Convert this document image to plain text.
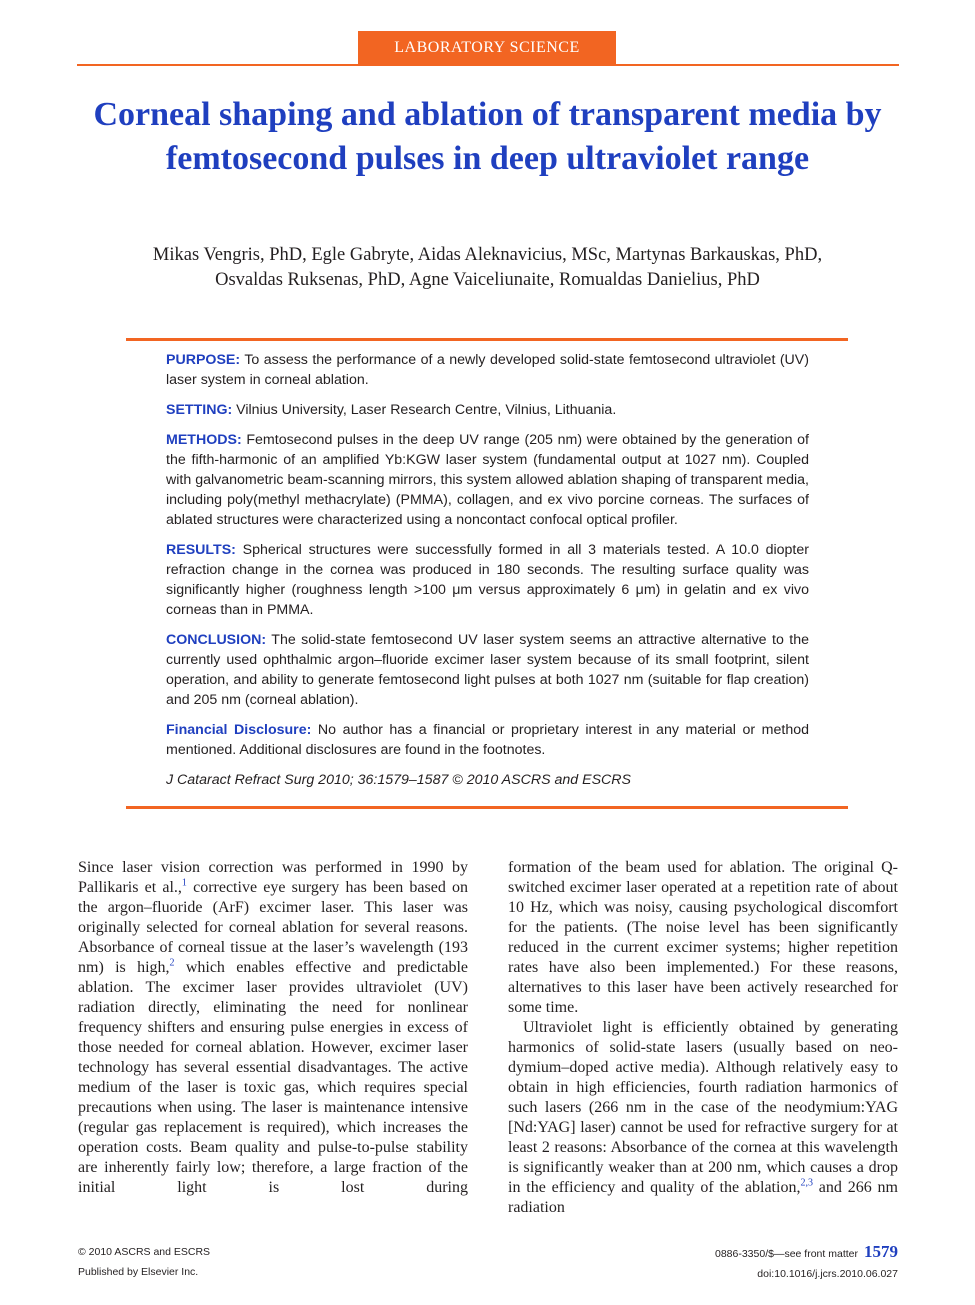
LABORATORY SCIENCE
Corneal shaping and ablation of transparent media by femtosecond pulses in deep ultraviolet range
Mikas Vengris, PhD, Egle Gabryte, Aidas Aleknavicius, MSc, Martynas Barkauskas, PhD,
Osvaldas Ruksenas, PhD, Agne Vaiceliunaite, Romualdas Danielius, PhD

PURPOSE: To assess the performance of a newly developed solid-state femtosecond ultraviolet (UV) laser system in corneal ablation.

SETTING: Vilnius University, Laser Research Centre, Vilnius, Lithuania.

METHODS: Femtosecond pulses in the deep UV range (205 nm) were obtained by the generation of the fifth-harmonic of an amplified Yb:KGW laser system (fundamental output at 1027 nm). Coupled with galvanometric beam-scanning mirrors, this system allowed ablation shaping of transparent media, including poly(methyl methacrylate) (PMMA), collagen, and ex vivo porcine corneas. The surfaces of ablated structures were characterized using a noncontact confocal optical profiler.

RESULTS: Spherical structures were successfully formed in all 3 materials tested. A 10.0 diopter refraction change in the cornea was produced in 180 seconds. The resulting surface quality was significantly higher (roughness length >100 μm versus approximately 6 μm) in gelatin and ex vivo corneas than in PMMA.

CONCLUSION: The solid-state femtosecond UV laser system seems an attractive alternative to the currently used ophthalmic argon–fluoride excimer laser system because of its small footprint, silent operation, and ability to generate femtosecond light pulses at both 1027 nm (suitable for flap creation) and 205 nm (corneal ablation).

Financial Disclosure: No author has a financial or proprietary interest in any material or method mentioned. Additional disclosures are found in the footnotes.

J Cataract Refract Surg 2010; 36:1579–1587 © 2010 ASCRS and ESCRS

Since laser vision correction was performed in 1990 by Pallikaris et al.,$^1$ corrective eye surgery has been based on the argon–fluoride (ArF) excimer laser. This laser was originally selected for corneal ablation for several reasons. Absorbance of corneal tissue at the laser’s wavelength (193 nm) is high,$^2$ which enables effective and predictable ablation. The excimer laser provides ultraviolet (UV) radiation directly, eliminating the need for nonlinear frequency shifters and ensuring pulse energies in excess of those needed for corneal ablation. However, excimer laser technology has several essential disadvantages. The active medium of the laser is toxic gas, which requires special precautions when using. The laser is maintenance intensive (regular gas replacement is required), which increases the operation costs. Beam quality and pulse-to-pulse stability are inherently fairly low; therefore, a large fraction of the initial light is lost during

formation of the beam used for ablation. The original Q-switched excimer laser operated at a repetition rate of about 10 Hz, which was noisy, causing psychological discomfort for the patients. (The noise level has been significantly reduced in the current excimer systems; higher repetition rates have also been implemented.) For these reasons, alternatives to this laser have been actively researched for some time.

Ultraviolet light is efficiently obtained by generating harmonics of solid-state lasers (usually based on neodymium–doped active media). Although relatively easy to obtain in high efficiencies, fourth radiation harmonics of such lasers (266 nm in the case of the neodymium:YAG [Nd:YAG] laser) cannot be used for refractive surgery for at least 2 reasons: Absorbance of the cornea at this wavelength is significantly weaker than at 200 nm, which causes a drop in the efficiency and quality of the ablation,$^{2,3}$ and 266 nm radiation

© 2010 ASCRS and ESCRS
Published by Elsevier Inc.
0886-3350/$—see front matter 1579
doi:10.1016/j.jcrs.2010.06.027
